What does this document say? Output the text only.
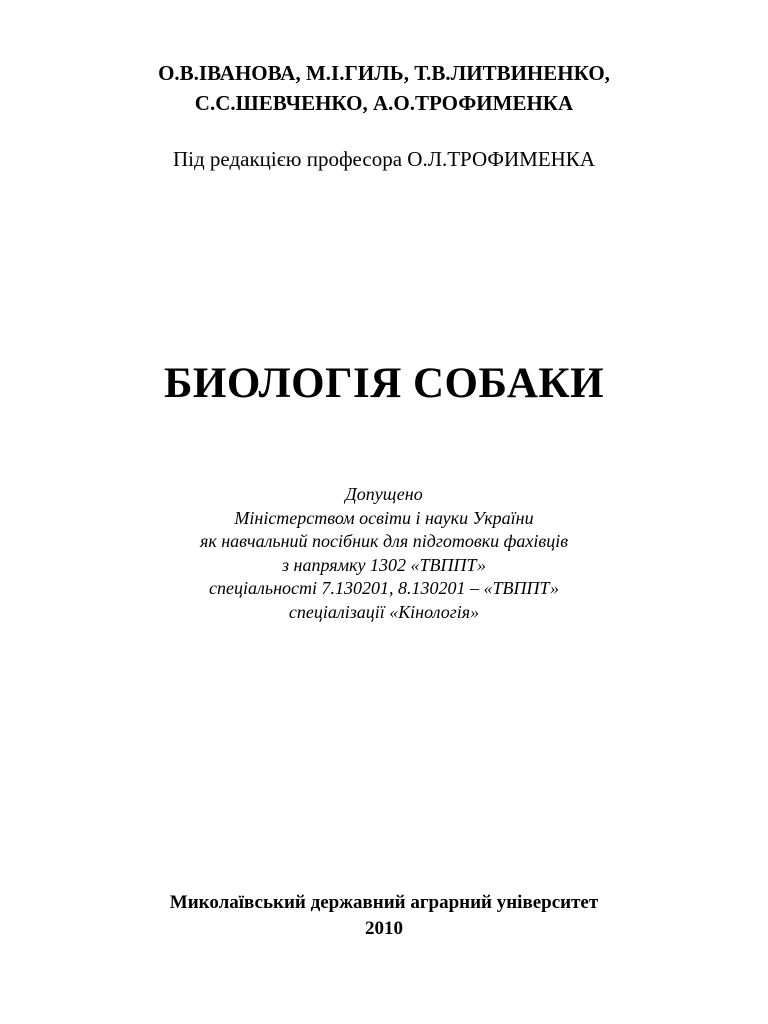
О.В.ІВАНОВА, М.І.ГИЛЬ, Т.В.ЛИТВИНЕНКО,
С.С.ШЕВЧЕНКО, А.О.ТРОФИМЕНКА
Під редакцією професора О.Л.ТРОФИМЕНКА
БИОЛОГІЯ СОБАКИ
Допущено
Міністерством освіти і науки України
як навчальний посібник для підготовки фахівців
з напрямку 1302 «ТВППТ»
спеціальності 7.130201, 8.130201 – «ТВППТ»
спеціалізації «Кінологія»
Миколаївський державний аграрний університет
2010
